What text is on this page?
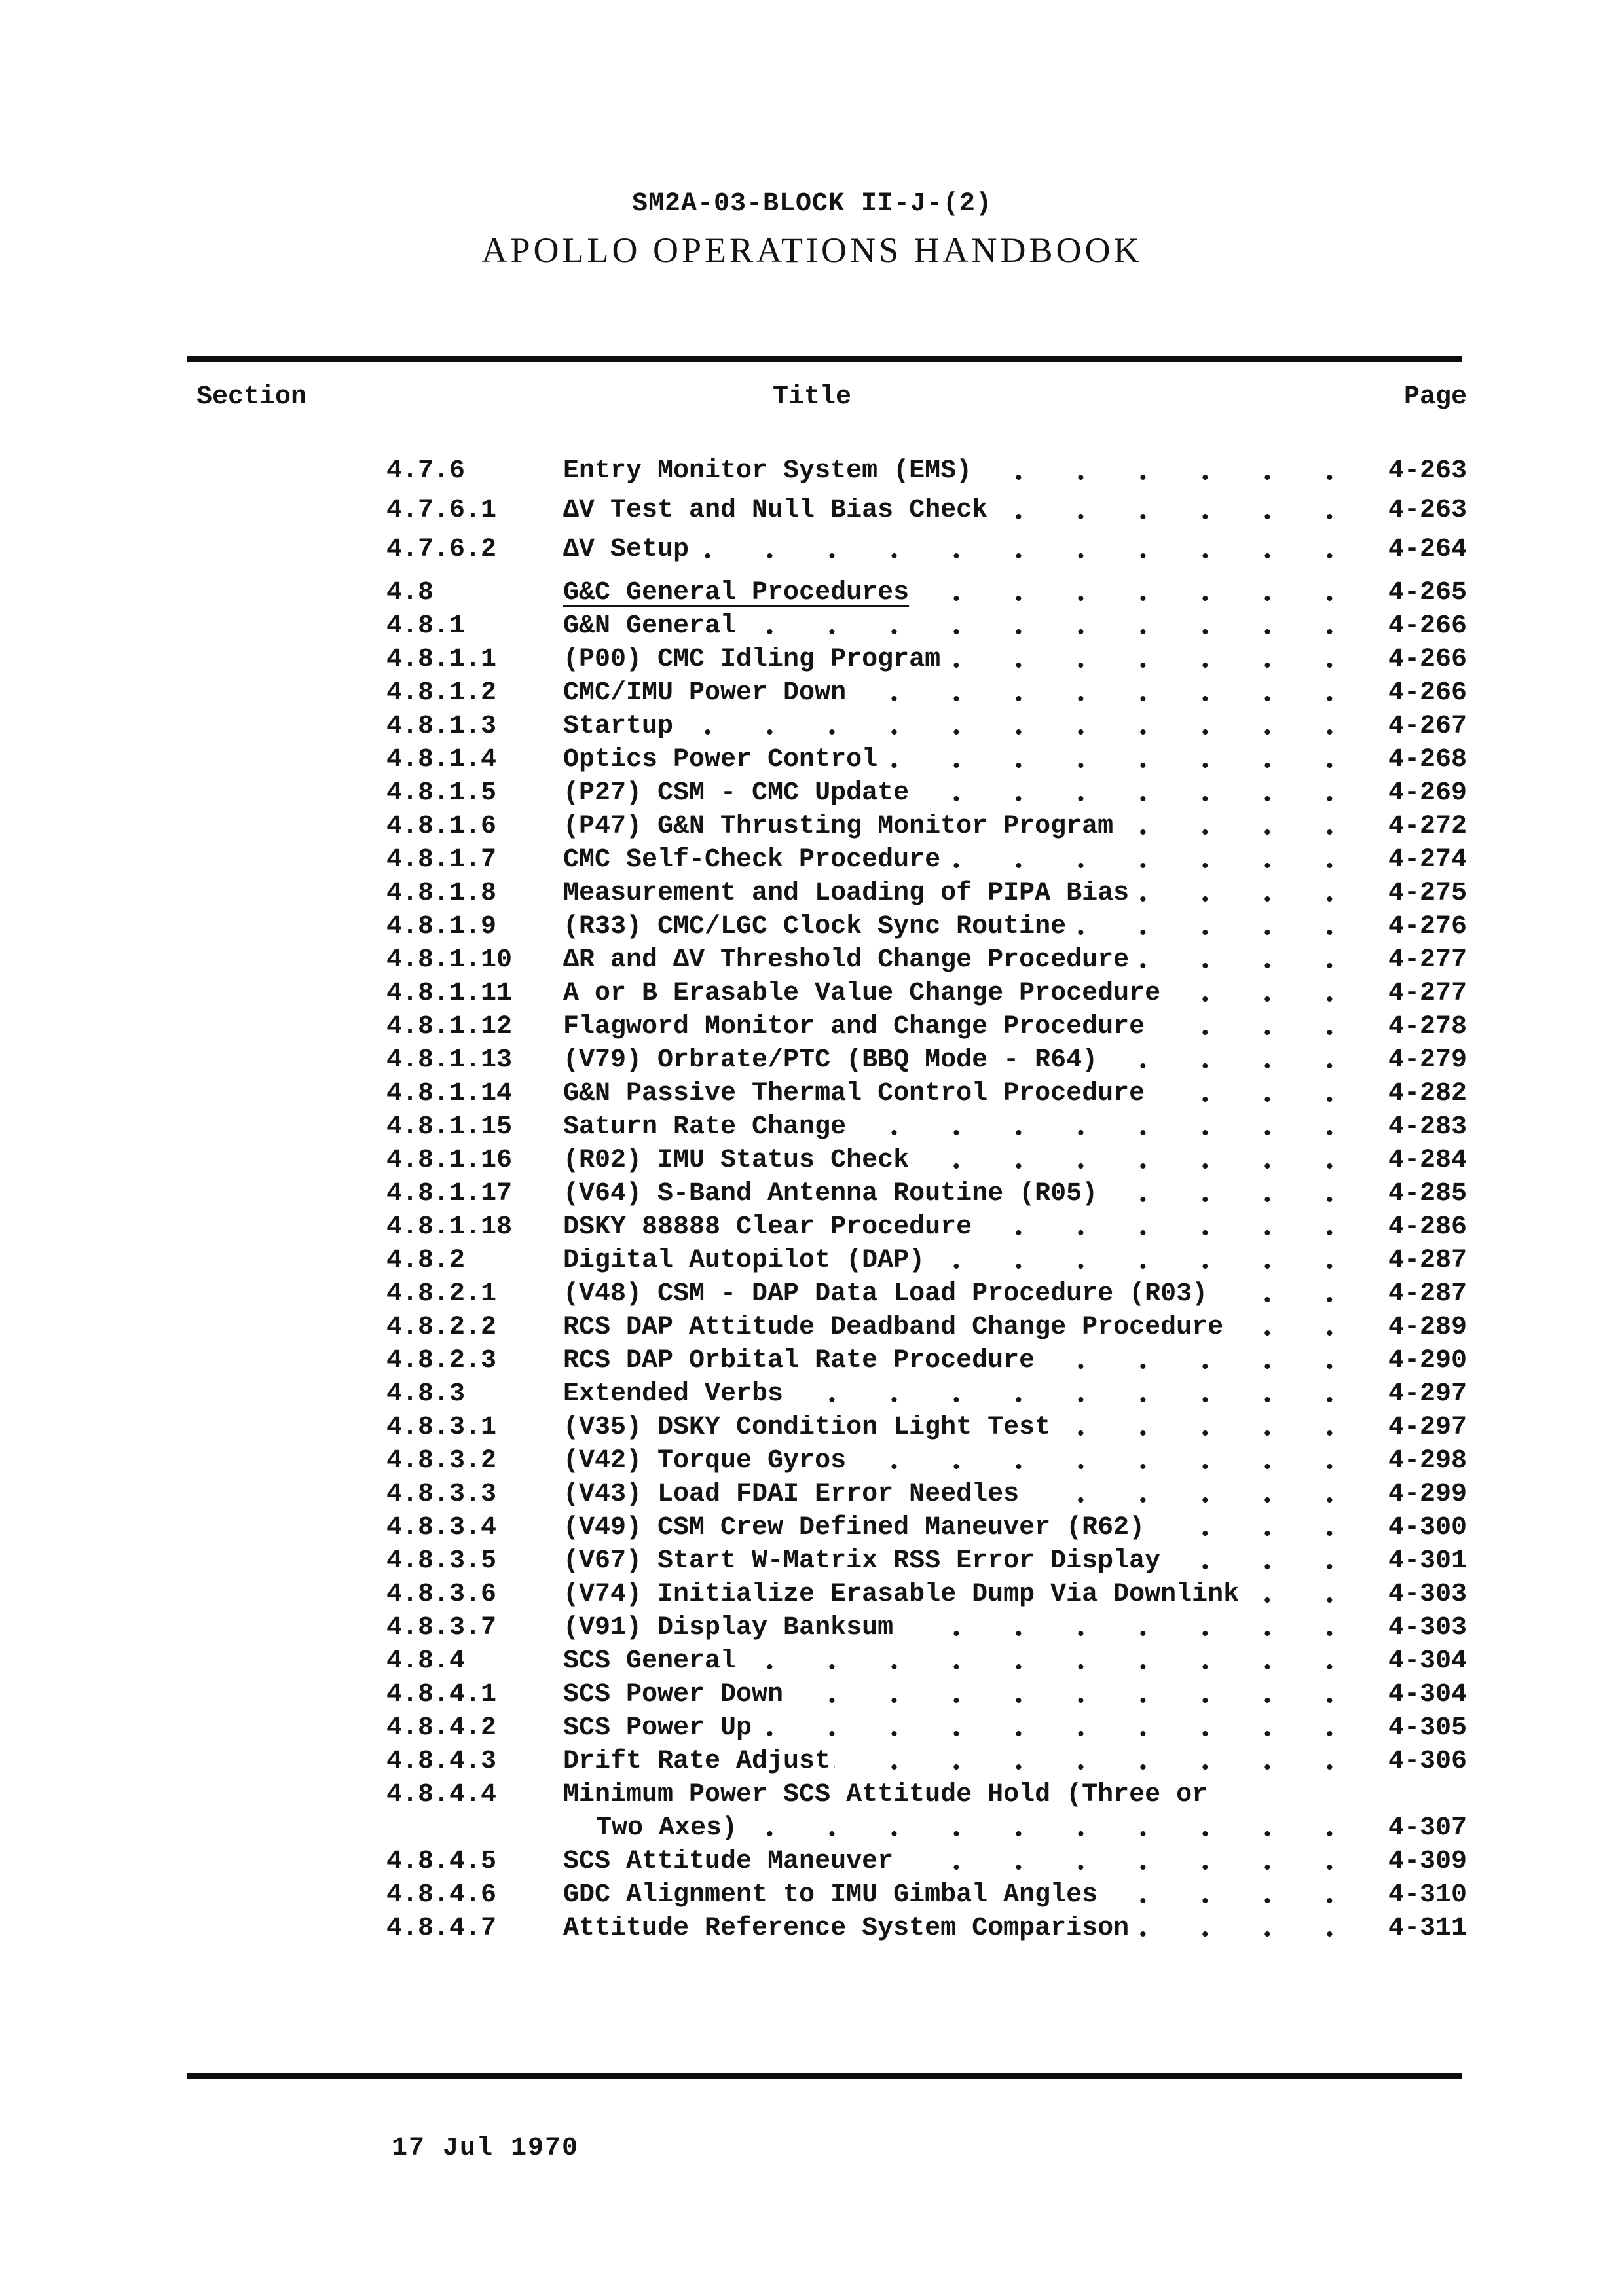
SM2A-03-BLOCK II-J-(2)
APOLLO OPERATIONS HANDBOOK
Section	Title	Page
4.7.6	Entry Monitor System (EMS)	4-263
4.7.6.1	ΔV Test and Null Bias Check	4-263
4.7.6.2	ΔV Setup	4-264
4.8	G&C General Procedures	4-265
4.8.1	G&N General	4-266
4.8.1.1	(P00) CMC Idling Program	4-266
4.8.1.2	CMC/IMU Power Down	4-266
4.8.1.3	Startup	4-267
4.8.1.4	Optics Power Control	4-268
4.8.1.5	(P27) CSM - CMC Update	4-269
4.8.1.6	(P47) G&N Thrusting Monitor Program	4-272
4.8.1.7	CMC Self-Check Procedure	4-274
4.8.1.8	Measurement and Loading of PIPA Bias	4-275
4.8.1.9	(R33) CMC/LGC Clock Sync Routine	4-276
4.8.1.10	ΔR and ΔV Threshold Change Procedure	4-277
4.8.1.11	A or B Erasable Value Change Procedure	4-277
4.8.1.12	Flagword Monitor and Change Procedure	4-278
4.8.1.13	(V79) Orbrate/PTC (BBQ Mode - R64)	4-279
4.8.1.14	G&N Passive Thermal Control Procedure	4-282
4.8.1.15	Saturn Rate Change	4-283
4.8.1.16	(R02) IMU Status Check	4-284
4.8.1.17	(V64) S-Band Antenna Routine (R05)	4-285
4.8.1.18	DSKY 88888 Clear Procedure	4-286
4.8.2	Digital Autopilot (DAP)	4-287
4.8.2.1	(V48) CSM - DAP Data Load Procedure (R03)	4-287
4.8.2.2	RCS DAP Attitude Deadband Change Procedure	4-289
4.8.2.3	RCS DAP Orbital Rate Procedure	4-290
4.8.3	Extended Verbs	4-297
4.8.3.1	(V35) DSKY Condition Light Test	4-297
4.8.3.2	(V42) Torque Gyros	4-298
4.8.3.3	(V43) Load FDAI Error Needles	4-299
4.8.3.4	(V49) CSM Crew Defined Maneuver (R62)	4-300
4.8.3.5	(V67) Start W-Matrix RSS Error Display	4-301
4.8.3.6	(V74) Initialize Erasable Dump Via Downlink	4-303
4.8.3.7	(V91) Display Banksum	4-303
4.8.4	SCS General	4-304
4.8.4.1	SCS Power Down	4-304
4.8.4.2	SCS Power Up	4-305
4.8.4.3	Drift Rate Adjust	4-306
4.8.4.4	Minimum Power SCS Attitude Hold (Three or
Two Axes)	4-307
4.8.4.5	SCS Attitude Maneuver	4-309
4.8.4.6	GDC Alignment to IMU Gimbal Angles	4-310
4.8.4.7	Attitude Reference System Comparison	4-311
17 Jul 1970
